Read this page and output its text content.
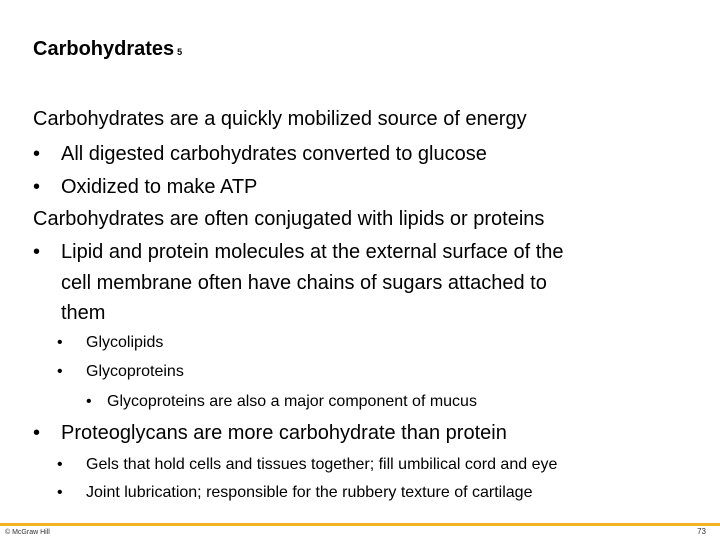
Carbohydrates 5
Carbohydrates are a quickly mobilized source of energy
• All digested carbohydrates converted to glucose
• Oxidized to make ATP
Carbohydrates are often conjugated with lipids or proteins
• Lipid and protein molecules at the external surface of the
cell membrane often have chains of sugars attached to
them
• Glycolipids
• Glycoproteins
• Glycoproteins are also a major component of mucus
• Proteoglycans are more carbohydrate than protein
• Gels that hold cells and tissues together; fill umbilical cord and eye
• Joint lubrication; responsible for the rubbery texture of cartilage
© McGraw Hill	73
